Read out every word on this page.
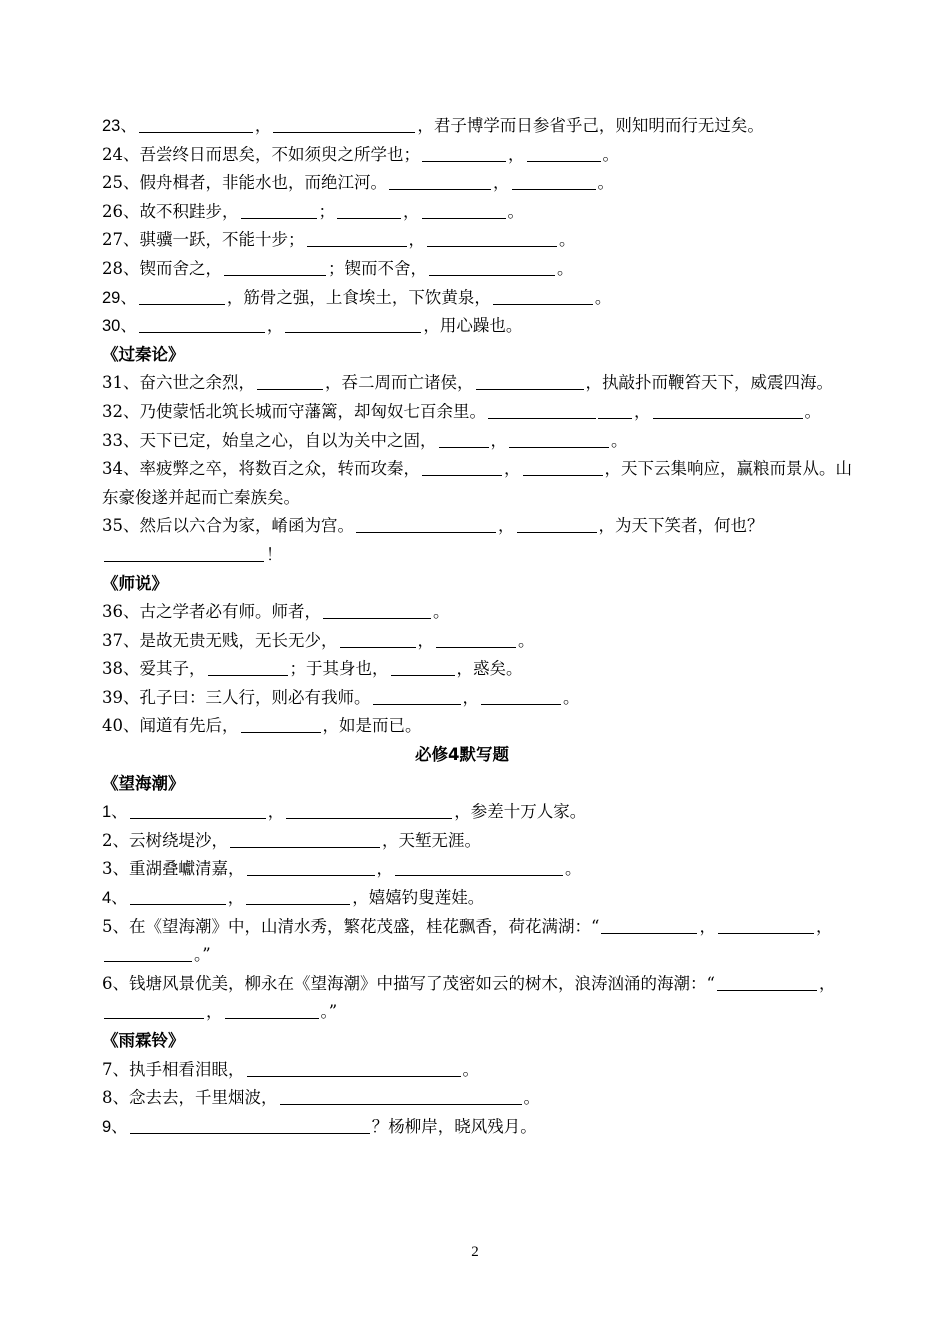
23、	，	，君子博学而日参省乎己，则知明而行无过矣。
24、吾尝终日而思矣，不如须臾之所学也；	，	。
25、假舟楫者，非能水也，而绝江河。	，	。
26、故不积跬步，	；	，	。
27、骐骥一跃，不能十步；	，	。
28、锲而舍之，	；锲而不舍，	。
29、	，筋骨之强，上食埃土，下饮黄泉，	。
30、	，	，用心躁也。
《过秦论》
31、奋六世之余烈，	，吞二周而亡诸侯，	，执敲扑而鞭笞天下，威震四海。
32、乃使蒙恬北筑长城而守藩篱，却匈奴七百余里。	，	。
33、天下已定，始皇之心，自以为关中之固，	，	。
34、率疲弊之卒，将数百之众，转而攻秦，	，	，天下云集响应，赢粮而景从。山东豪俊遂并起而亡秦族矣。
35、然后以六合为家，崤函为宫。	，	，为天下笑者，何也？！
《师说》
36、古之学者必有师。师者，	。
37、是故无贵无贱，无长无少，	，	。
38、爱其子，	；于其身也，	，惑矣。
39、孔子曰：三人行，则必有我师。	，	。
40、闻道有先后，	，如是而已。
必修4默写题
《望海潮》
1、	，	，参差十万人家。
2、云树绕堤沙，	，天堑无涯。
3、重湖叠巘清嘉，	，	。
4、	，	，嬉嬉钓叟莲娃。
5、在《望海潮》中，山清水秀，繁花茂盛，桂花飘香，荷花满湖：“	，	，。”
6、钱塘风景优美，柳永在《望海潮》中描写了茂密如云的树木，浪涛汹涌的海潮：“	，，	。”
《雨霖铃》
7、执手相看泪眼，	。
8、念去去，千里烟波，	。
9、	？杨柳岸，晓风残月。
2
